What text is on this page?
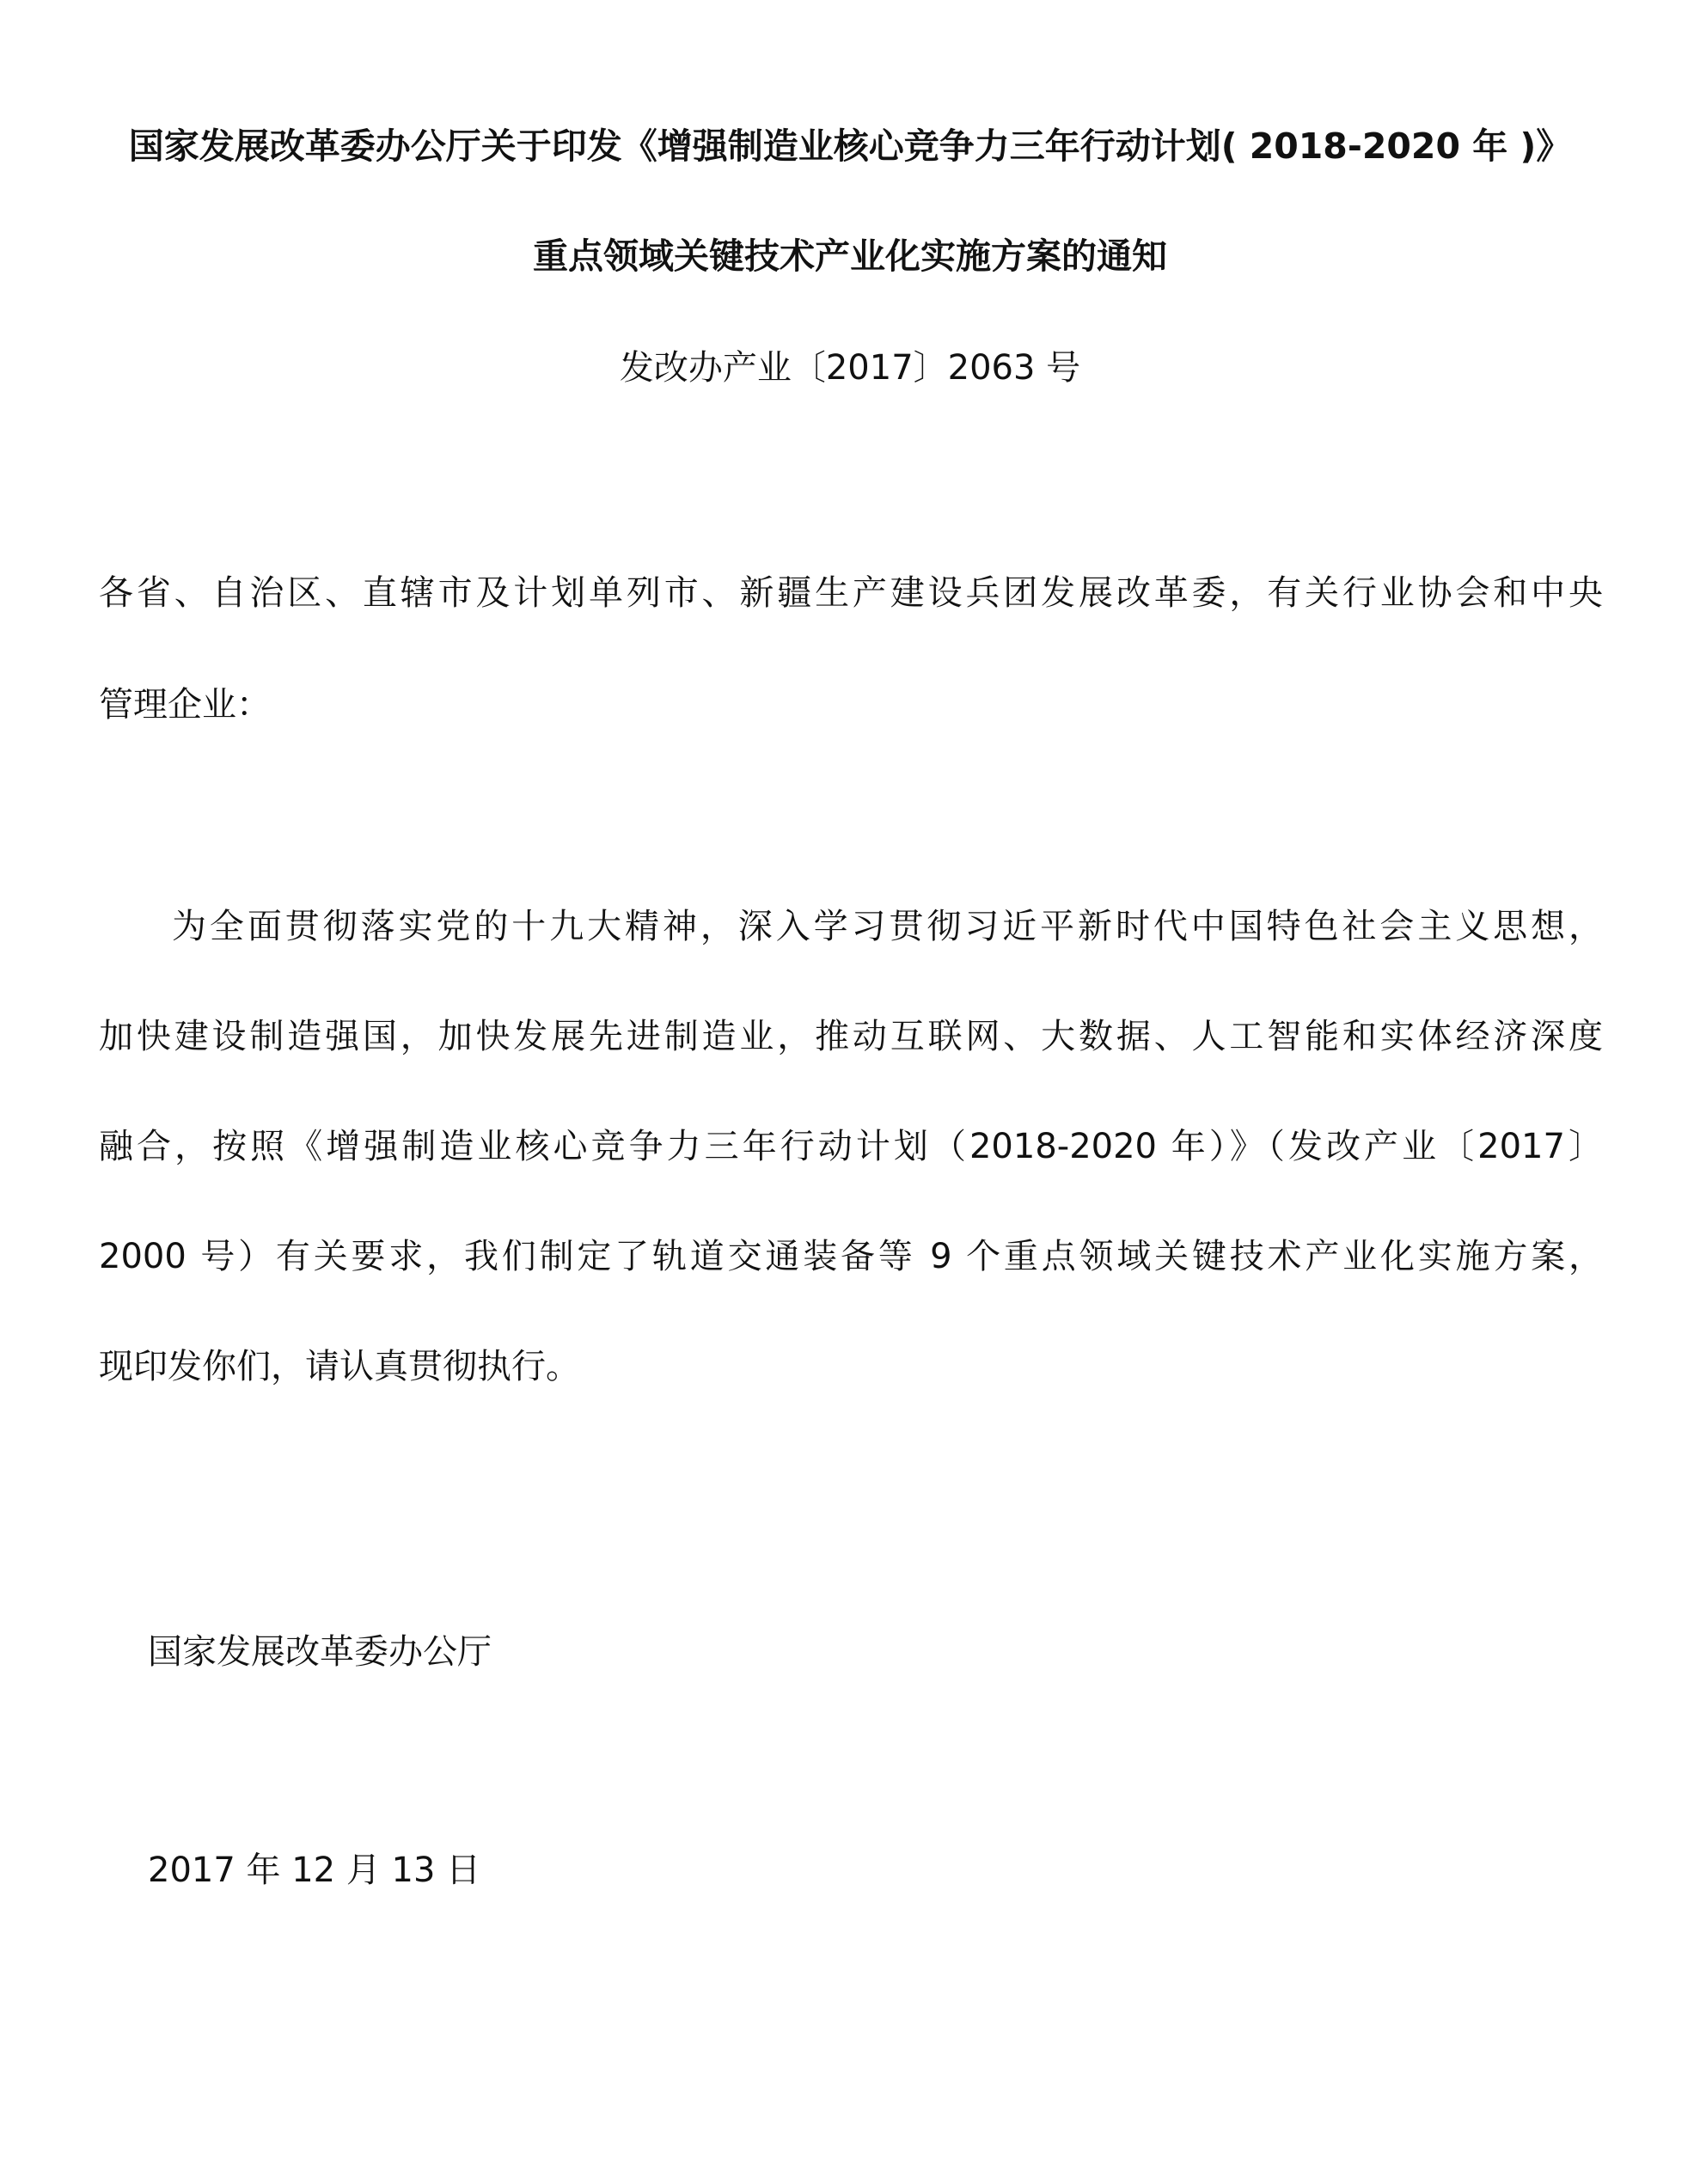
国家发展改革委办公厅关于印发《增强制造业核心竞争力三年行动计划( 2018-2020 年 )》
重点领域关键技术产业化实施方案的通知
发改办产业〔2017〕2063 号
各省、自治区、直辖市及计划单列市、新疆生产建设兵团发展改革委，有关行业协会和中央
管理企业：
为全面贯彻落实党的十九大精神，深入学习贯彻习近平新时代中国特色社会主义思想，
加快建设制造强国，加快发展先进制造业，推动互联网、大数据、人工智能和实体经济深度
融合，按照《增强制造业核心竞争力三年行动计划（2018-2020 年）》（发改产业〔2017〕
2000 号）有关要求，我们制定了轨道交通装备等 9 个重点领域关键技术产业化实施方案，
现印发你们，请认真贯彻执行。
国家发展改革委办公厅
2017 年 12 月 13 日
